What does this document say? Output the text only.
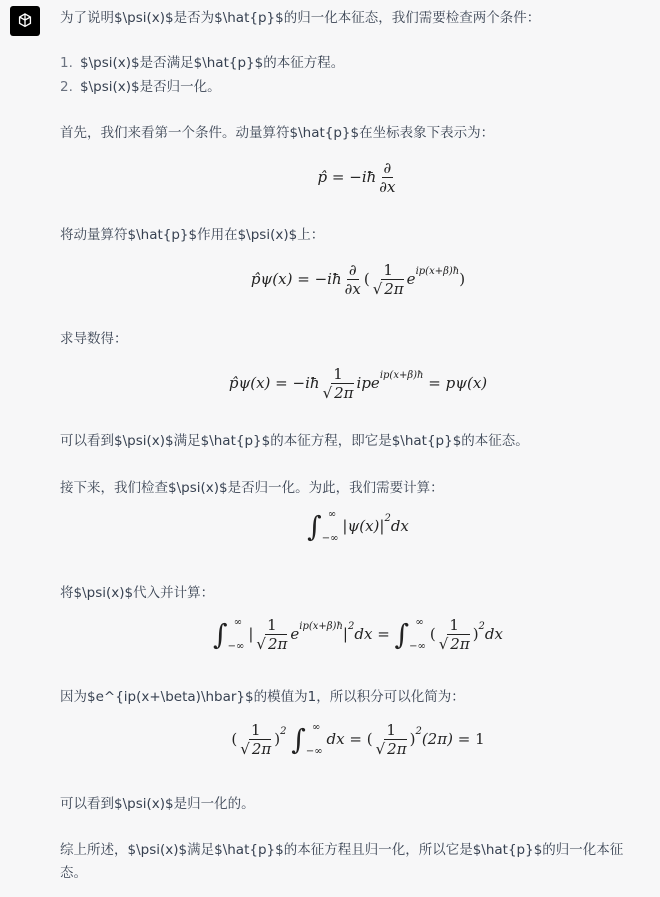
为了说明$\psi(x)$是否为$\hat{p}$的归一化本征态，我们需要检查两个条件：
1. $\psi(x)$是否满足$\hat{p}$的本征方程。
2. $\psi(x)$是否归一化。
首先，我们来看第一个条件。动量算符$\hat{p}$在坐标表象下表示为：
p̂ = −iħ $\frac{\partial}{\partial x}$
将动量算符$\hat{p}$作用在$\psi(x)$上：
p̂ψ(x) = −iħ $\frac{\partial}{\partial x}$ ( $\frac{1}{√ 2\pi} e^{ip(x+\beta)ħ}$)
求导数得：
p̂ψ(x) = −iħ $\frac{1}{√ 2\pi} ipe^{ip(x+\beta)ħ} = p\psi(x)$
可以看到$\psi(x)$满足$\hat{p}$的本征方程，即它是$\hat{p}$的本征态。
接下来，我们检查$\psi(x)$是否归一化。为此，我们需要计算：
∫ ∞
−∞
$|\psi(x)|^2dx$
将$\psi(x)$代入并计算：
∫ ∞
−∞
| $\frac{1}{√ 2\pi} e^{ip(x+\beta)ħ}|^2dx$ = ∫ ∞
−∞
( $\frac{1}{√ 2\pi} )^2dx$
因为$e^{ip(x+\beta)\hbar}$的模值为1，所以积分可以化简为：
( $\frac{1}{√ 2\pi} )^2$ ∫ ∞
−∞
dx = ( $\frac{1}{√ 2\pi} )^2(2\pi) = 1$
可以看到$\psi(x)$是归一化的。
综上所述，$\psi(x)$满足$\hat{p}$的本征方程且归一化，所以它是$\hat{p}$的归一化本征
态。
